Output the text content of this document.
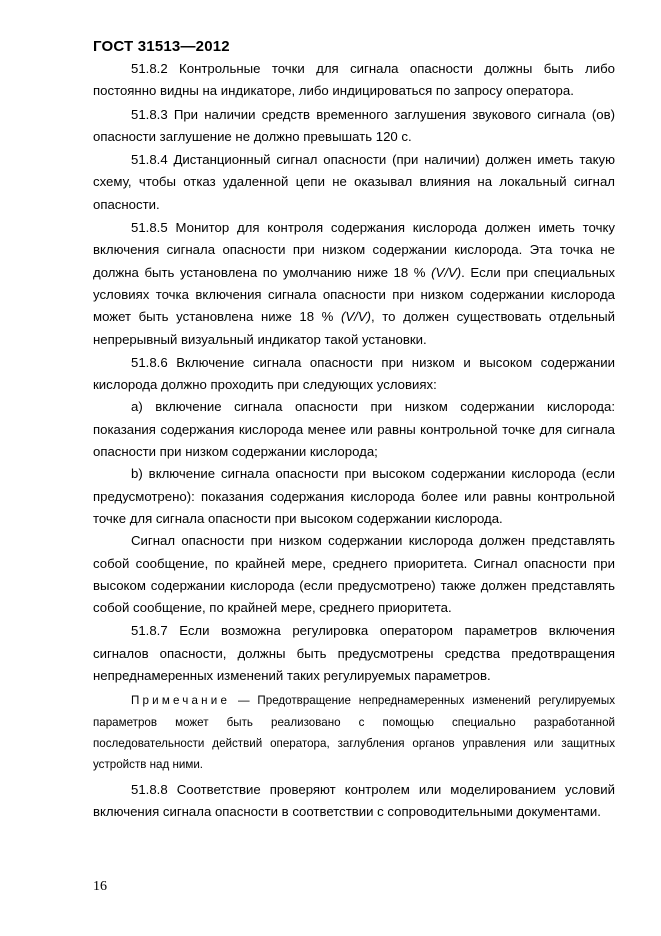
ГОСТ 31513—2012

51.8.2 Контрольные точки для сигнала опасности должны быть либо постоянно видны на индикаторе, либо индицироваться по запросу оператора.

51.8.3 При наличии средств временного заглушения звукового сигнала (ов) опасности заглушение не должно превышать 120 с.

51.8.4 Дистанционный сигнал опасности (при наличии) должен иметь такую схему, чтобы отказ удаленной цепи не оказывал влияния на локальный сигнал опасности.

51.8.5 Монитор для контроля содержания кислорода должен иметь точку включения сигнала опасности при низком содержании кислорода. Эта точка не должна быть установлена по умолчанию ниже 18 % (V/V). Если при специальных условиях точка включения сигнала опасности при низком содержании кислорода может быть установлена ниже 18 % (V/V), то должен существовать отдельный непрерывный визуальный индикатор такой установки.

51.8.6 Включение сигнала опасности при низком и высоком содержании кислорода должно проходить при следующих условиях:

a) включение сигнала опасности при низком содержании кислорода: показания содержания кислорода менее или равны контрольной точке для сигнала опасности при низком содержании кислорода;

b) включение сигнала опасности при высоком содержании кислорода (если предусмотрено): показания содержания кислорода более или равны контрольной точке для сигнала опасности при высоком содержании кислорода.

Сигнал опасности при низком содержании кислорода должен представлять собой сообщение, по крайней мере, среднего приоритета. Сигнал опасности при высоком содержании кислорода (если предусмотрено) также должен представлять собой сообщение, по крайней мере, среднего приоритета.

51.8.7 Если возможна регулировка оператором параметров включения сигналов опасности, должны быть предусмотрены средства предотвращения непреднамеренных изменений таких регулируемых параметров.

Примечание — Предотвращение непреднамеренных изменений регулируемых параметров может быть реализовано с помощью специально разработанной последовательности действий оператора, заглубления органов управления или защитных устройств над ними.

51.8.8 Соответствие проверяют контролем или моделированием условий включения сигнала опасности в соответствии с сопроводительными документами.

16
